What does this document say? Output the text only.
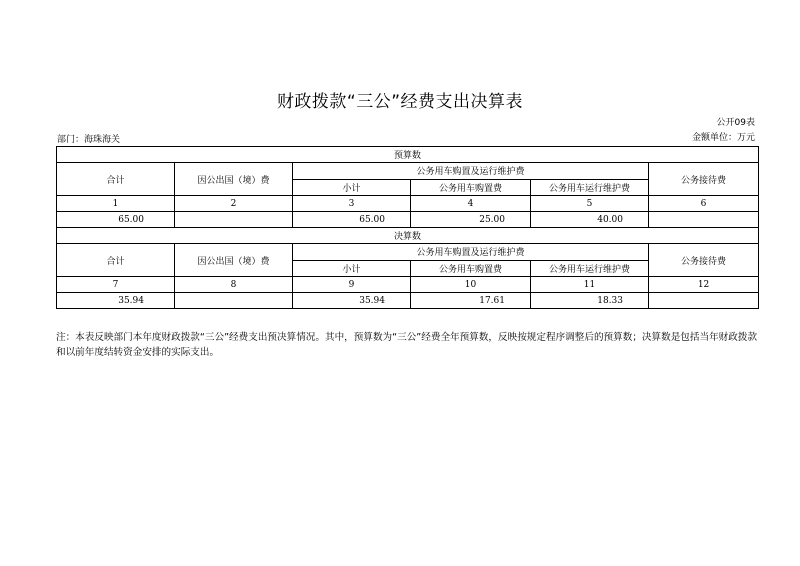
财政拨款“三公”经费支出决算表
公开09表
金额单位：万元
部门：海珠海关
预算数					
合计	因公出国（境）费	公务用车购置及运行维护费			公务接待费
		小计	公务用车购置费	公务用车运行维护费	
1	2	3	4	5	6
65.00		65.00	25.00	40.00	
决算数					
合计	因公出国（境）费	公务用车购置及运行维护费			公务接待费
		小计	公务用车购置费	公务用车运行维护费	
7	8	9	10	11	12
35.94		35.94	17.61	18.33	
注：本表反映部门本年度财政拨款“三公”经费支出预决算情况。其中，预算数为“三公”经费全年预算数，反映按规定程序调整后的预算数；决算数是包括当年财政拨款和以前年度结转资金安排的实际支出。
